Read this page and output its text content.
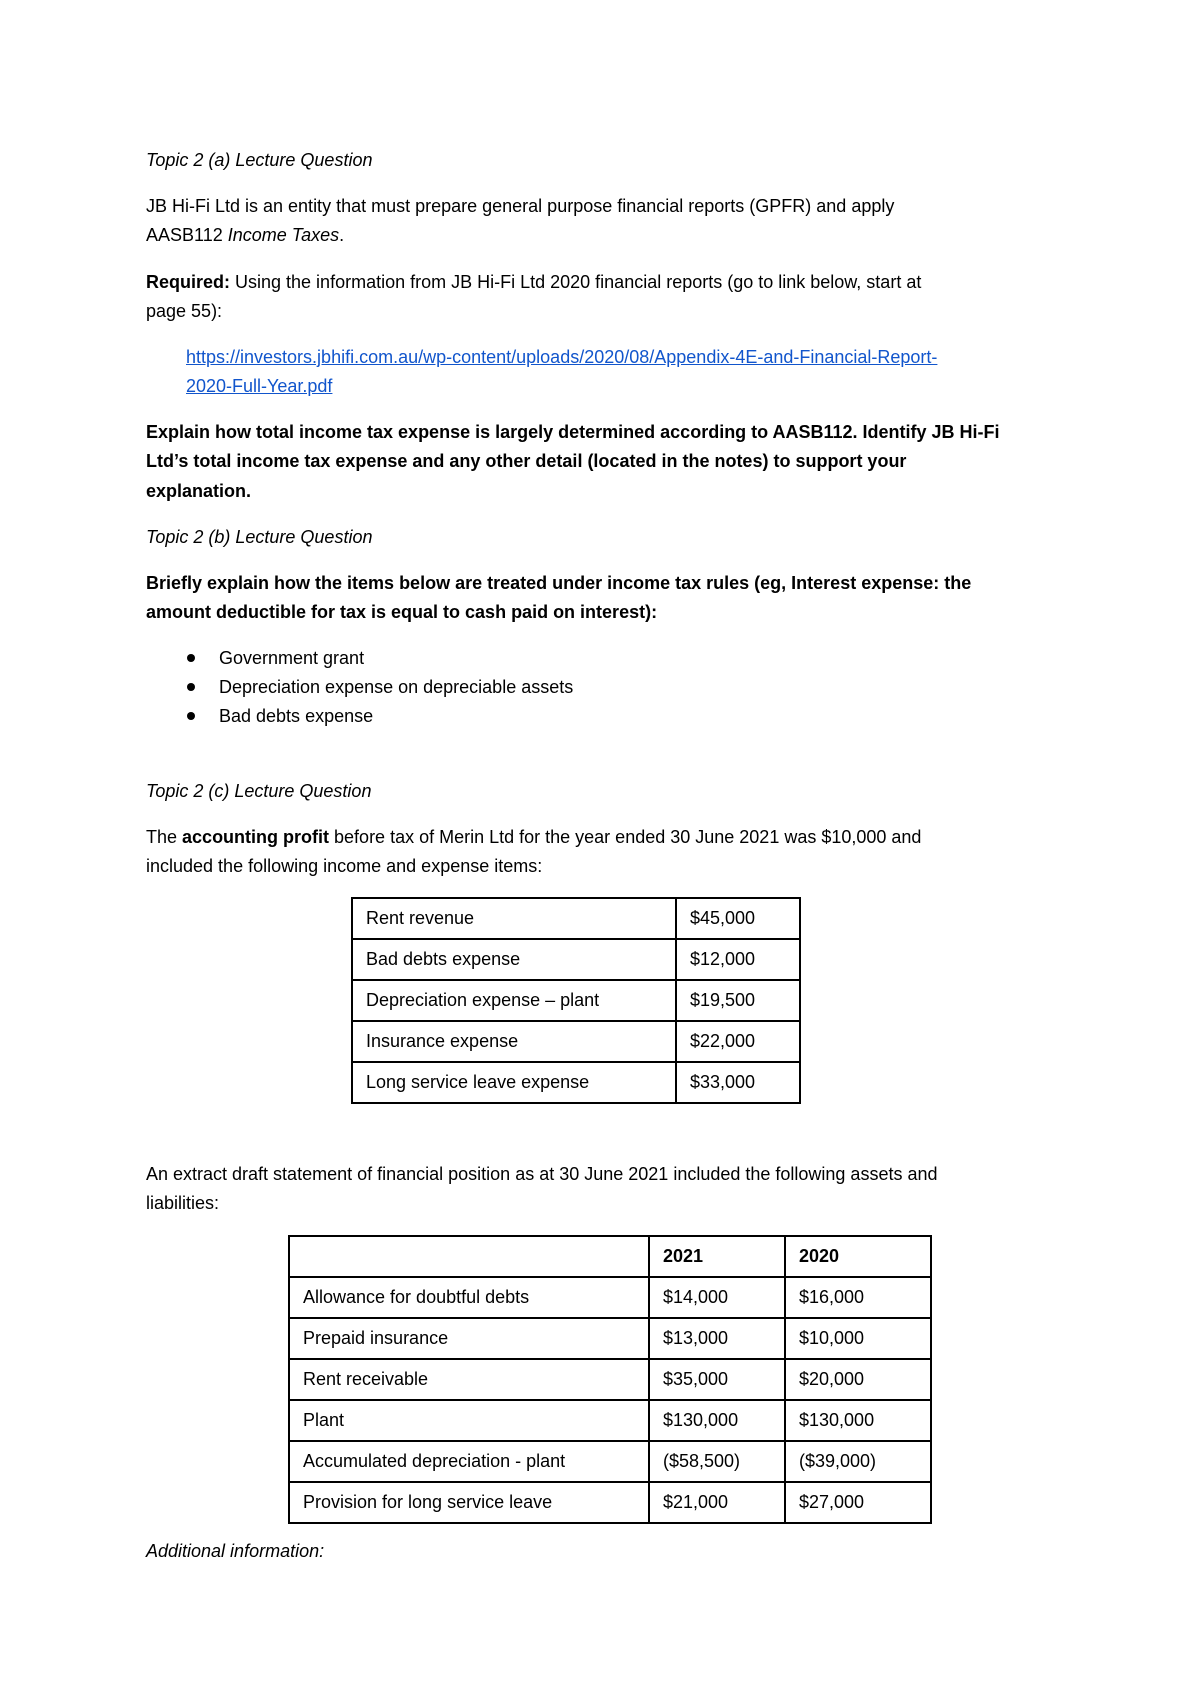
Topic 2 (a) Lecture Question
JB Hi-Fi Ltd is an entity that must prepare general purpose financial reports (GPFR) and apply
AASB112 Income Taxes.
Required: Using the information from JB Hi-Fi Ltd 2020 financial reports (go to link below, start at
page 55):
https://investors.jbhifi.com.au/wp-content/uploads/2020/08/Appendix-4E-and-Financial-Report-
2020-Full-Year.pdf
Explain how total income tax expense is largely determined according to AASB112. Identify JB Hi-Fi
Ltd’s total income tax expense and any other detail (located in the notes) to support your
explanation.
Topic 2 (b) Lecture Question
Briefly explain how the items below are treated under income tax rules (eg, Interest expense: the
amount deductible for tax is equal to cash paid on interest):
Government grant
Depreciation expense on depreciable assets
Bad debts expense
Topic 2 (c) Lecture Question
The accounting profit before tax of Merin Ltd for the year ended 30 June 2021 was $10,000 and
included the following income and expense items:
Rent revenue	$45,000
Bad debts expense	$12,000
Depreciation expense – plant	$19,500
Insurance expense	$22,000
Long service leave expense	$33,000
An extract draft statement of financial position as at 30 June 2021 included the following assets and
liabilities:
	2021	2020
Allowance for doubtful debts	$14,000	$16,000
Prepaid insurance	$13,000	$10,000
Rent receivable	$35,000	$20,000
Plant	$130,000	$130,000
Accumulated depreciation - plant	($58,500)	($39,000)
Provision for long service leave	$21,000	$27,000
Additional information:
